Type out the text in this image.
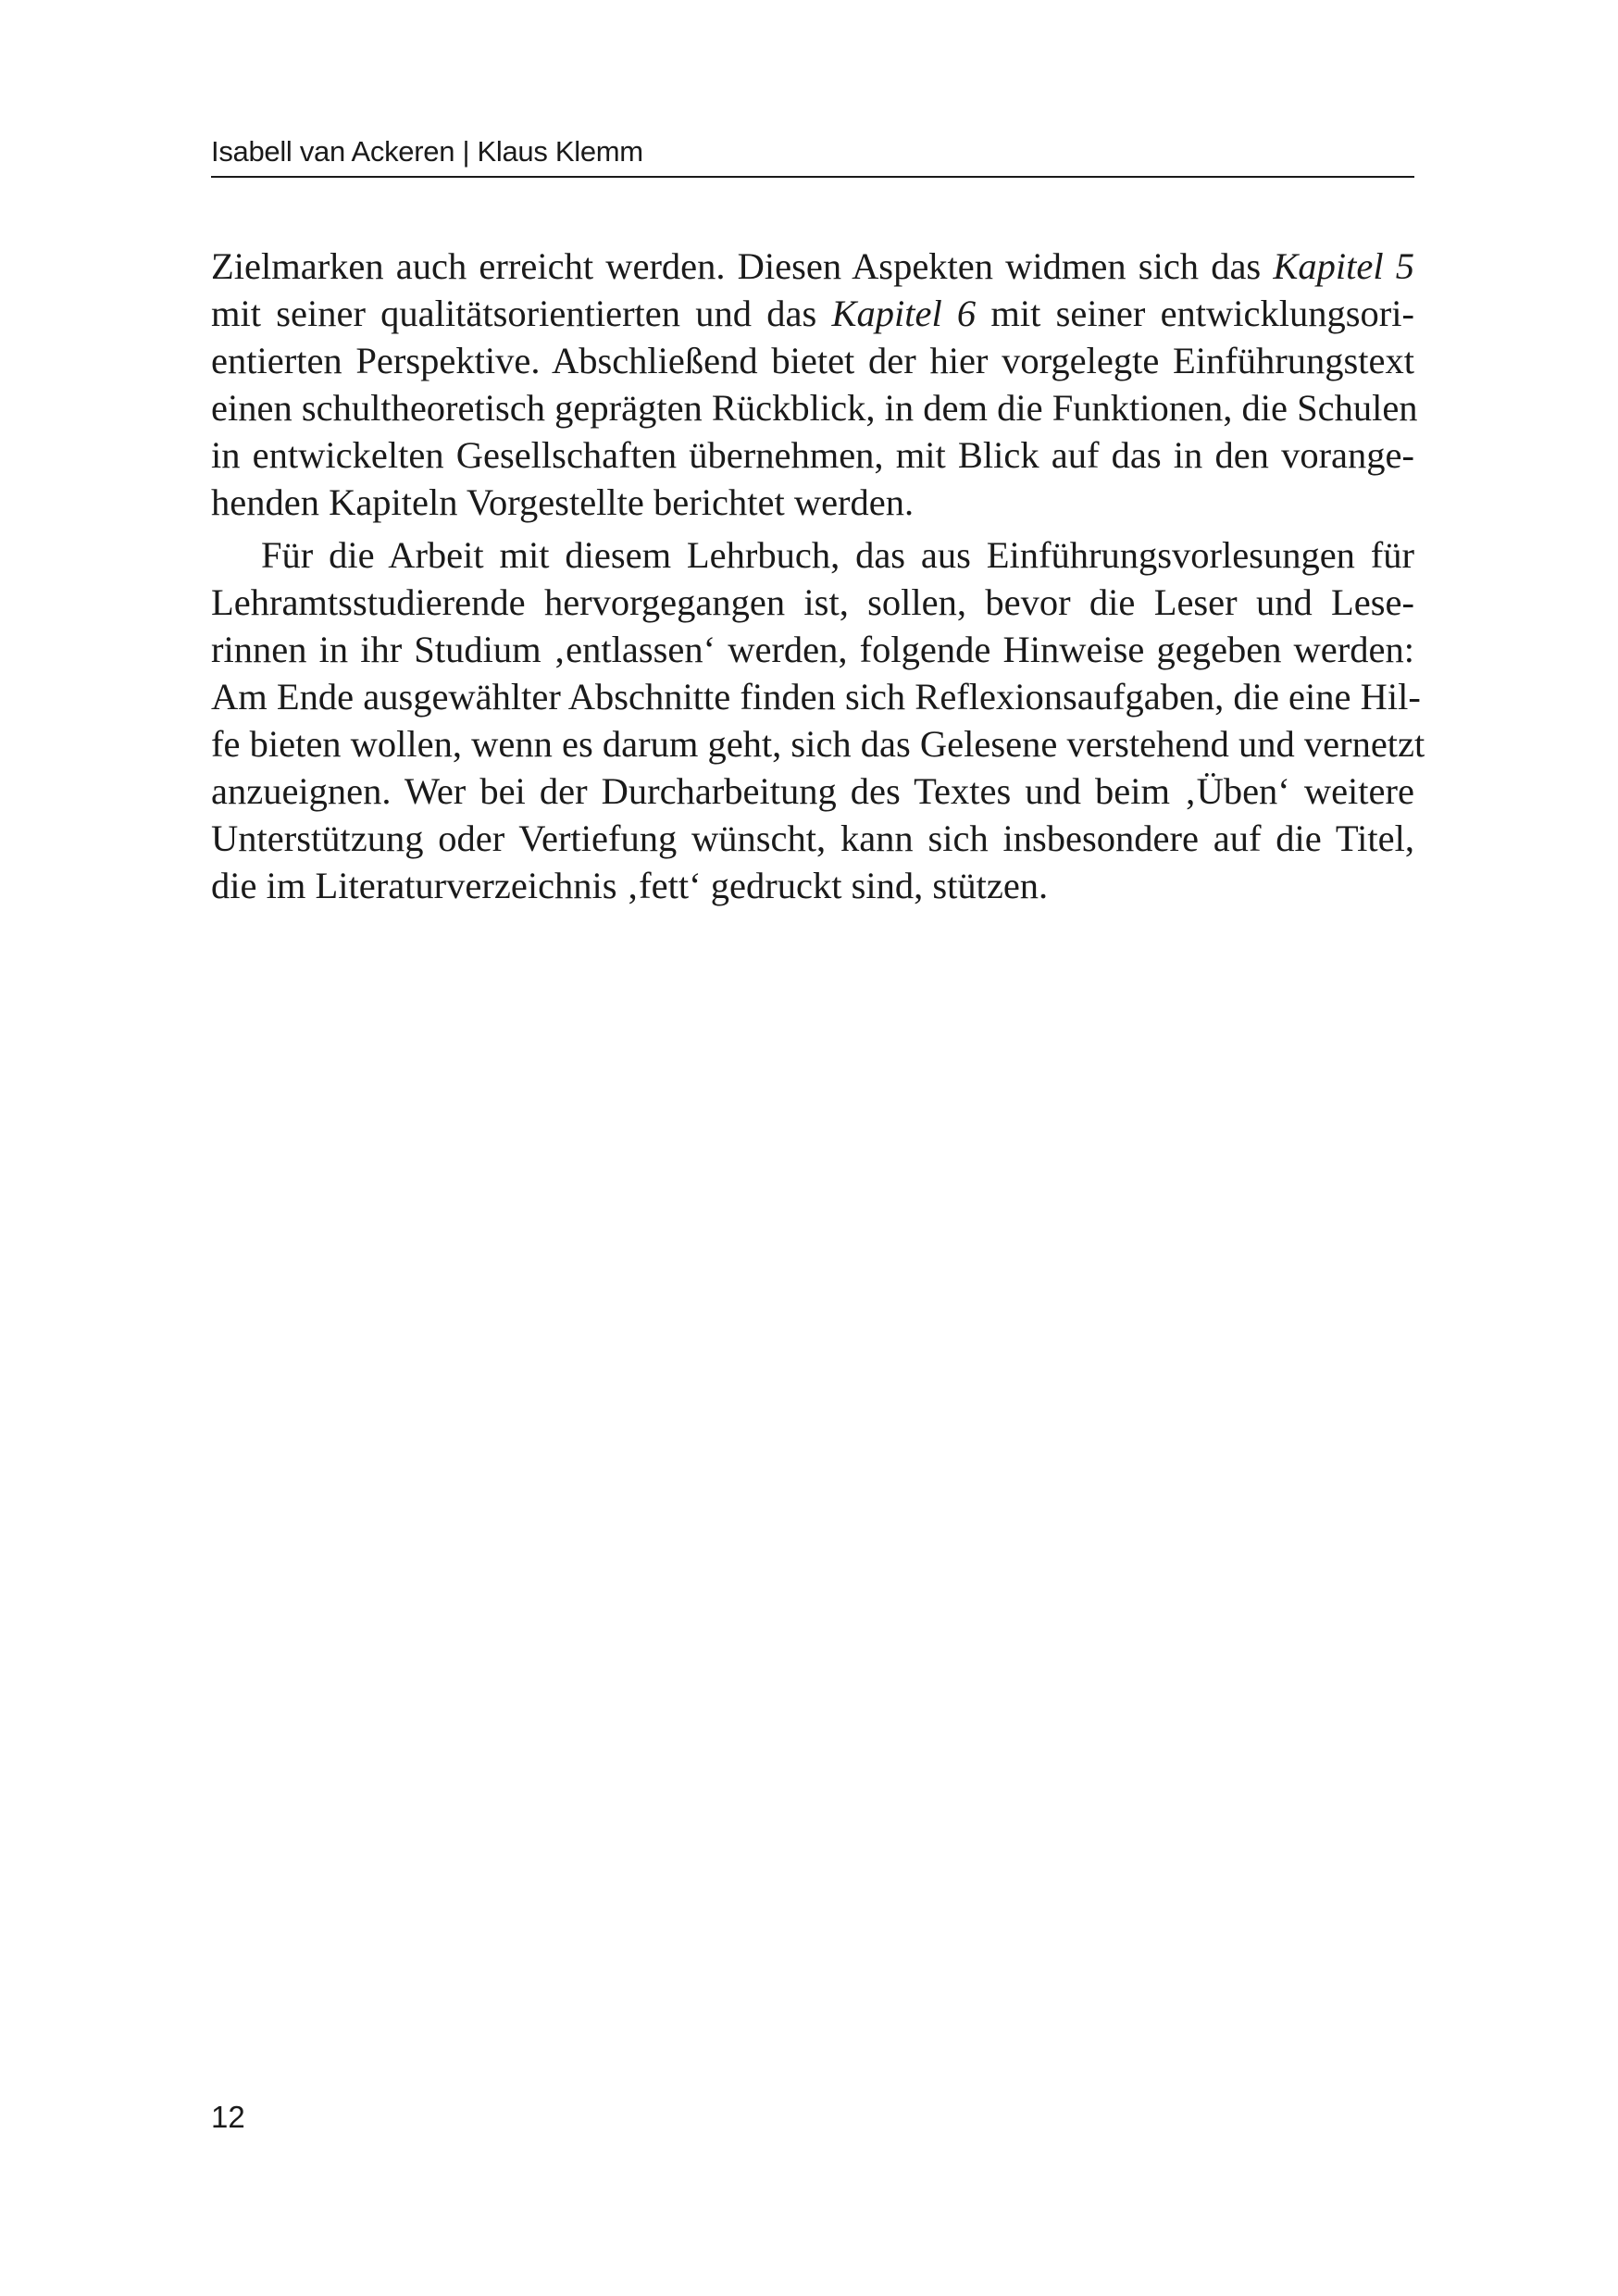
Isabell van Ackeren | Klaus Klemm
Zielmarken auch erreicht werden. Diesen Aspekten widmen sich das Kapitel 5
mit seiner qualitätsorientierten und das Kapitel 6 mit seiner entwicklungsori-
entierten Perspektive. Abschließend bietet der hier vorgelegte Einführungstext
einen schultheoretisch geprägten Rückblick, in dem die Funktionen, die Schulen
in entwickelten Gesellschaften übernehmen, mit Blick auf das in den vorange-
henden Kapiteln Vorgestellte berichtet werden.
Für die Arbeit mit diesem Lehrbuch, das aus Einführungsvorlesungen für
Lehramtsstudierende hervorgegangen ist, sollen, bevor die Leser und Lese-
rinnen in ihr Studium ‚entlassen‘ werden, folgende Hinweise gegeben werden:
Am Ende ausgewählter Abschnitte finden sich Reflexionsaufgaben, die eine Hil-
fe bieten wollen, wenn es darum geht, sich das Gelesene verstehend und vernetzt
anzueignen. Wer bei der Durcharbeitung des Textes und beim ‚Üben‘ weitere
Unterstützung oder Vertiefung wünscht, kann sich insbesondere auf die Titel,
die im Literaturverzeichnis ‚fett‘ gedruckt sind, stützen.
12
